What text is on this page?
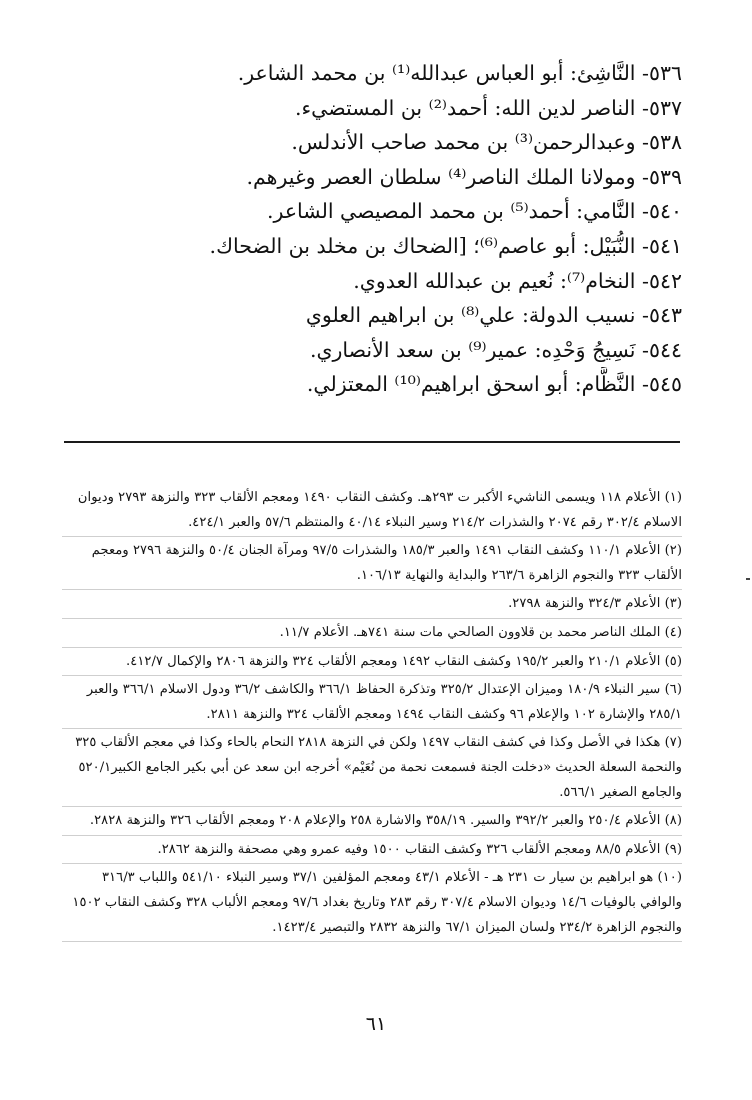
٥٣٦- النَّاشِئ: أبو العباس عبدالله⁽¹⁾ بن محمد الشاعر.
٥٣٧- الناصر لدين الله: أحمد⁽²⁾ بن المستضيء.
٥٣٨- وعبدالرحمن⁽³⁾ بن محمد صاحب الأندلس.
٥٣٩- ومولانا الملك الناصر⁽⁴⁾ سلطان العصر وغيرهم.
٥٤٠- النَّامي: أحمد⁽⁵⁾ بن محمد المصيصي الشاعر.
٥٤١- النُّبَيْل: أبو عاصم⁽⁶⁾؛ [الضحاك بن مخلد بن الضحاك.
٥٤٢- النخام⁽⁷⁾: نُعيم بن عبدالله العدوي.
٥٤٣- نسيب الدولة: علي⁽⁸⁾ بن ابراهيم العلوي
٥٤٤- نَسِيجُ وَحْدِه: عمير⁽⁹⁾ بن سعد الأنصاري.
٥٤٥- النَّظَّام: أبو اسحق ابراهيم⁽¹⁰⁾ المعتزلي.
(١) الأعلام ١١٨ ويسمى الناشيء الأكبر ت ٢٩٣هـ. وكشف النقاب ١٤٩٠ ومعجم الألقاب ٣٢٣ والنزهة ٢٧٩٣ وديوان الاسلام ٣٠٢/٤ رقم ٢٠٧٤ والشذرات ٢١٤/٢ وسير النبلاء ٤٠/١٤ والمنتظم ٥٧/٦ والعبر ٤٢٤/١.
(٢) الأعلام ١١٠/١ وكشف النقاب ١٤٩١ والعبر ١٨٥/٣ والشذرات ٩٧/٥ ومرآة الجنان ٥٠/٤ والنزهة ٢٧٩٦ ومعجم الألقاب ٣٢٣ والنجوم الزاهرة ٢٦٣/٦ والبداية والنهاية ١٠٦/١٣.
(٣) الأعلام ٣٢٤/٣ والنزهة ٢٧٩٨.
(٤) الملك الناصر محمد بن قلاوون الصالحي مات سنة ٧٤١هـ. الأعلام ١١/٧.
(٥) الأعلام ٢١٠/١ والعبر ١٩٥/٢ وكشف النقاب ١٤٩٢ ومعجم الألقاب ٣٢٤ والنزهة ٢٨٠٦ والإكمال ٤١٢/٧.
(٦) سير النبلاء ١٨٠/٩ وميزان الإعتدال ٣٢٥/٢ وتذكرة الحفاظ ٣٦٦/١ والكاشف ٣٦/٢ ودول الاسلام ٣٦٦/١ والعبر ٢٨٥/١ والإشارة ١٠٢ والإعلام ٩٦ وكشف النقاب ١٤٩٤ ومعجم الألقاب ٣٢٤ والنزهة ٢٨١١.
(٧) هكذا في الأصل وكذا في كشف النقاب ١٤٩٧ ولكن في النزهة ٢٨١٨ النحام بالحاء وكذا في معجم الألقاب ٣٢٥ والنحمة السعلة الحديث «دخلت الجنة فسمعت نحمة من نُعَيْم» أخرجه ابن سعد عن أبي بكير الجامع الكبير٥٢٠/١ والجامع الصغير ٥٦٦/١.
(٨) الأعلام ٢٥٠/٤ والعبر ٣٩٢/٢ والسير. ٣٥٨/١٩ والاشارة ٢٥٨ والإعلام ٢٠٨ ومعجم الألقاب ٣٢٦ والنزهة ٢٨٢٨.
(٩) الأعلام ٨٨/٥ ومعجم الألقاب ٣٢٦ وكشف النقاب ١٥٠٠ وفيه عمرو وهي مصحفة والنزهة ٢٨٦٢.
(١٠) هو ابراهيم بن سيار ت ٢٣١ هـ - الأعلام ٤٣/١ ومعجم المؤلفين ٣٧/١ وسير النبلاء ٥٤١/١٠ واللباب ٣١٦/٣ والوافي بالوفيات ١٤/٦ وديوان الاسلام ٣٠٧/٤ رقم ٢٨٣ وتاريخ بغداد ٩٧/٦ ومعجم الألباب ٣٢٨ وكشف النقاب ١٥٠٢ والنجوم الزاهرة ٢٣٤/٢ ولسان الميزان ٦٧/١ والنزهة ٢٨٣٢ والتبصير ١٤٢٣/٤.
٦١
